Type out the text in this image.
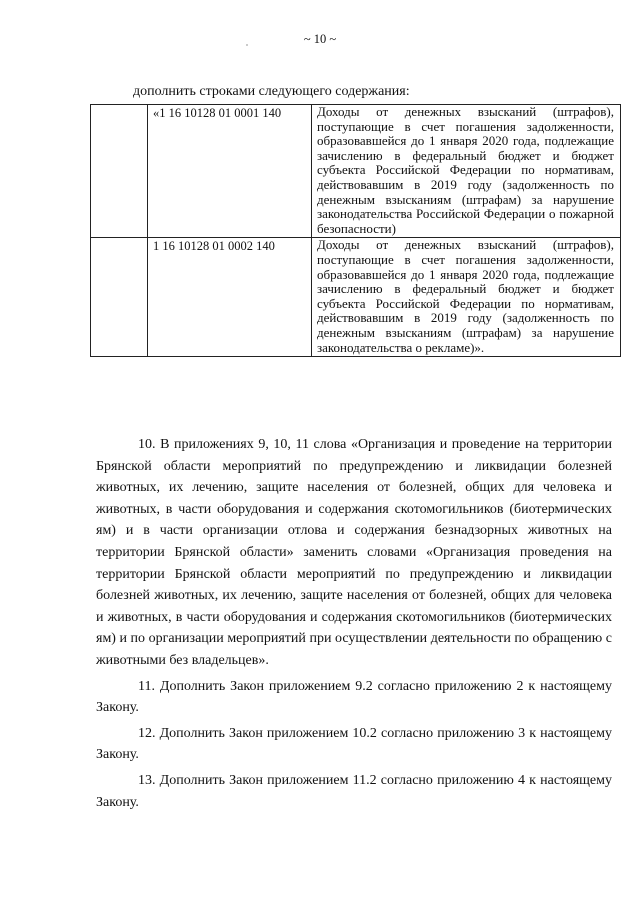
~ 10 ~

дополнить строками следующего содержания:

	«1 16 10128 01 0001 140	Доходы от денежных взысканий (штрафов), поступающие в счет погашения задолженности, образовавшейся до 1 января 2020 года, подлежащие зачислению в федеральный бюджет и бюджет субъекта Российской Федерации по нормативам, действовавшим в 2019 году (задолженность по денежным взысканиям (штрафам) за нарушение законодательства Российской Федерации о пожарной безопасности)
	1 16 10128 01 0002 140	Доходы от денежных взысканий (штрафов), поступающие в счет погашения задолженности, образовавшейся до 1 января 2020 года, подлежащие зачислению в федеральный бюджет и бюджет субъекта Российской Федерации по нормативам, действовавшим в 2019 году (задолженность по денежным взысканиям (штрафам) за нарушение законодательства о рекламе)».

10. В приложениях 9, 10, 11 слова «Организация и проведение на территории Брянской области мероприятий по предупреждению и ликвидации болезней животных, их лечению, защите населения от болезней, общих для человека и животных, в части оборудования и содержания скотомогильников (биотермических ям) и в части организации отлова и содержания безнадзорных животных на территории Брянской области» заменить словами «Организация проведения на территории Брянской области мероприятий по предупреждению и ликвидации болезней животных, их лечению, защите населения от болезней, общих для человека и животных, в части оборудования и содержания скотомогильников (биотермических ям) и по организации мероприятий при осуществлении деятельности по обращению с животными без владельцев».

11. Дополнить Закон приложением 9.2 согласно приложению 2 к настоящему Закону.

12. Дополнить Закон приложением 10.2 согласно приложению 3 к настоящему Закону.

13. Дополнить Закон приложением 11.2 согласно приложению 4 к настоящему Закону.
